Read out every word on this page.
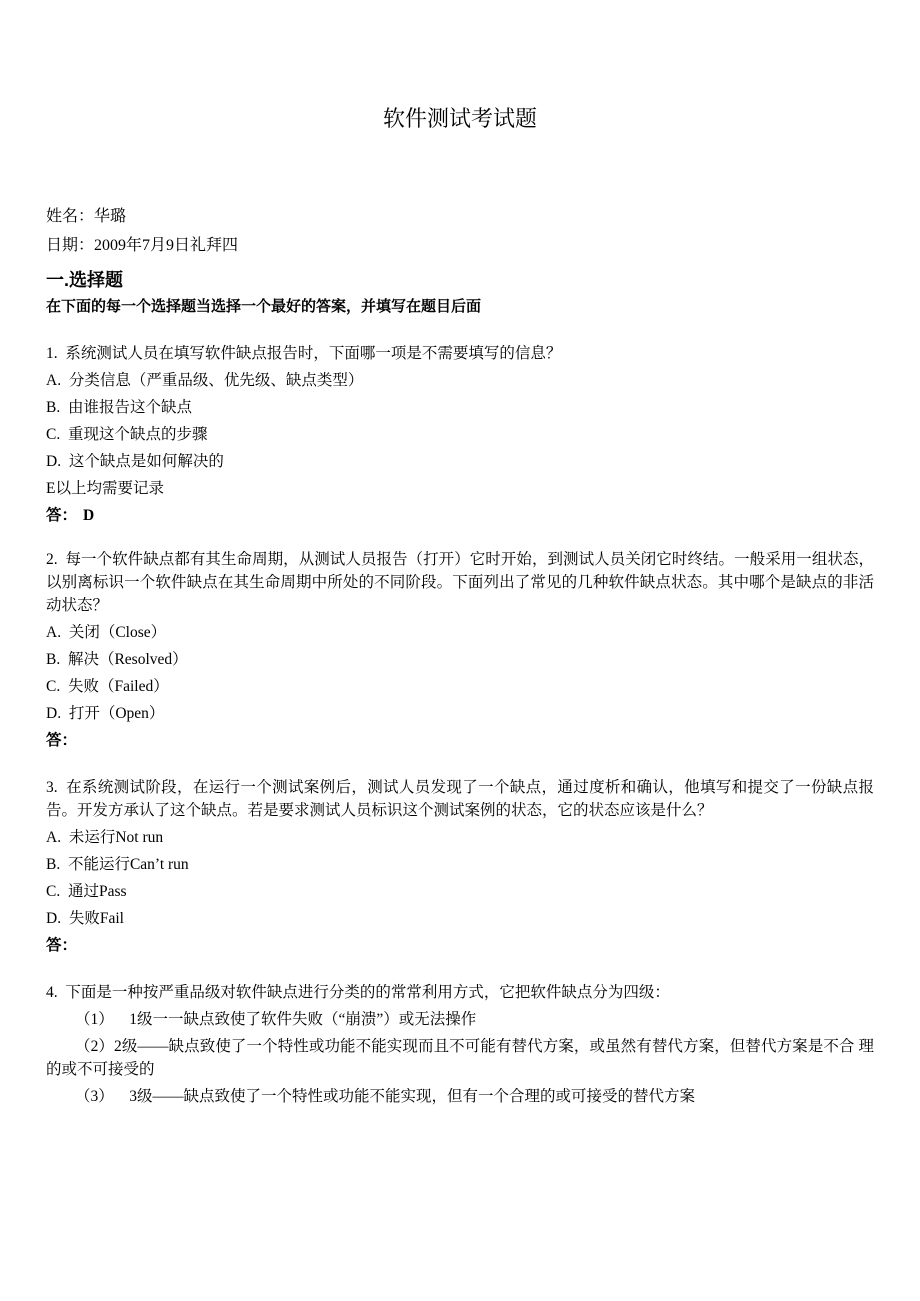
软件测试考试题

姓名：华璐

日期：2009年7月9日礼拜四

一.选择题

在下面的每一个选择题当选择一个最好的答案，并填写在题目后面

1.  系统测试人员在填写软件缺点报告时，下面哪一项是不需要填写的信息？

A.  分类信息（严重品级、优先级、缺点类型）

B.  由谁报告这个缺点

C.  重现这个缺点的步骤

D.  这个缺点是如何解决的

E以上均需要记录

答： D

2.  每一个软件缺点都有其生命周期，从测试人员报告（打开）它时开始，到测试人员关闭它时终结。一般采用一组状态，以别离标识一个软件缺点在其生命周期中所处的不同阶段。下面列出了常见的几种软件缺点状态。其中哪个是缺点的非活动状态？

A.  关闭（Close）

B.  解决（Resolved）

C.  失败（Failed）

D.  打开（Open）

答：

3.  在系统测试阶段，在运行一个测试案例后，测试人员发现了一个缺点，通过度析和确认，他填写和提交了一份缺点报告。开发方承认了这个缺点。若是要求测试人员标识这个测试案例的状态，它的状态应该是什么？

A.  未运行Not run

B.  不能运行Can’t run

C.  通过Pass

D.  失败Fail

答：

4.  下面是一种按严重品级对软件缺点进行分类的的常常利用方式，它把软件缺点分为四级：

（1）    1级一一缺点致使了软件失败（“崩溃”）或无法操作

（2）2级——缺点致使了一个特性或功能不能实现而且不可能有替代方案，或虽然有替代方案，但替代方案是不合 理的或不可接受的

（3）    3级——缺点致使了一个特性或功能不能实现，但有一个合理的或可接受的替代方案
